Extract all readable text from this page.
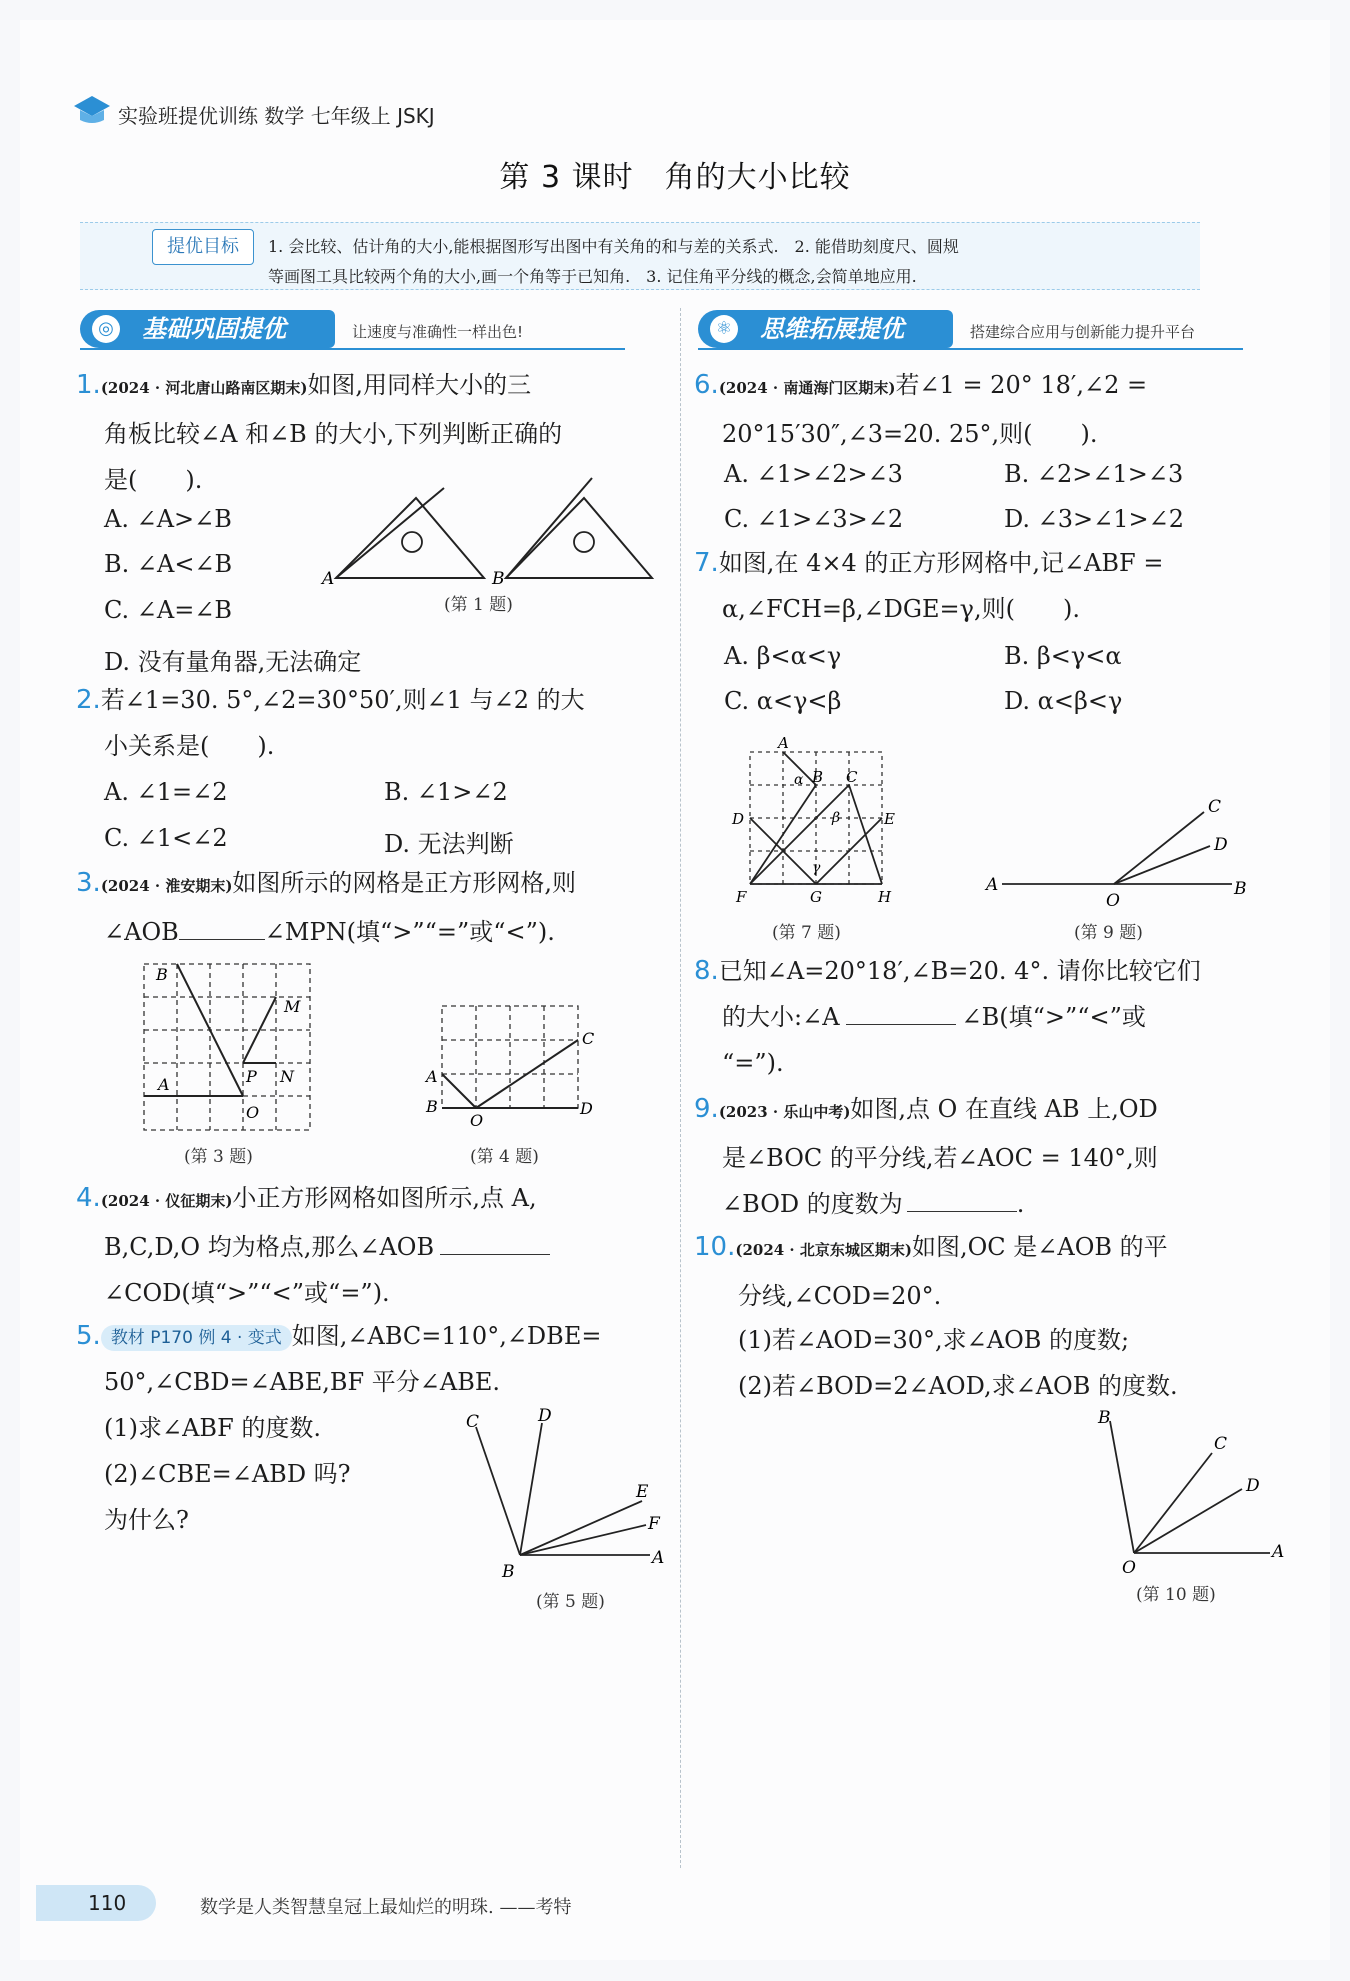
实验班提优训练 数学 七年级上 JSKJ
第 3 课时　角的大小比较
提优目标	1. 会比较、估计角的大小,能根据图形写出图中有关角的和与差的关系式.　2. 能借助刻度尺、圆规
等画图工具比较两个角的大小,画一个角等于已知角.　3. 记住角平分线的概念,会简单地应用.
◎ 基础巩固提优	让速度与准确性一样出色!	⚛ 思维拓展提优	搭建综合应用与创新能力提升平台
1.(2024 · 河北唐山路南区期末)如图,用同样大小的三
角板比较∠A 和∠B 的大小,下列判断正确的
是(　　).
A. ∠A>∠B
B. ∠A<∠B
C. ∠A=∠B
D. 没有量角器,无法确定
A	B
(第 1 题)
2.若∠1=30. 5°,∠2=30°50′,则∠1 与∠2 的大
小关系是(　　).
A. ∠1=∠2	B. ∠1>∠2
C. ∠1<∠2	D. 无法判断
3.(2024 · 淮安期末)如图所示的网格是正方形网格,则
∠AOB	∠MPN(填“>”“=”或“<”).
B
M
A	P N
O
(第 3 题)
A
B
C
D
O
(第 4 题)
4.(2024 · 仪征期末)小正方形网格如图所示,点 A,
B,C,D,O 均为格点,那么∠AOB
∠COD(填“>”“<”或“=”).
5. 教材 P170 例 4 · 变式 如图,∠ABC=110°,∠DBE=
50°,∠CBD=∠ABE,BF 平分∠ABE.
(1)求∠ABF 的度数.
(2)∠CBE=∠ABD 吗?
为什么?
C	D
E
F
A
B
(第 5 题)
6.(2024 · 南通海门区期末)若∠1 = 20° 18′,∠2 =
20°15′30″,∠3=20. 25°,则(　　).
A. ∠1>∠2>∠3	B. ∠2>∠1>∠3
C. ∠1>∠3>∠2	D. ∠3>∠1>∠2
7.如图,在 4×4 的正方形网格中,记∠ABF =
α,∠FCH=β,∠DGE=γ,则(　　).
A. β<α<γ	B. β<γ<α
C. α<γ<β	D. α<β<γ
A
B C
D	E
F	G	H
α
β
γ
(第 7 题)
A	B
C
D
O
(第 9 题)
8.已知∠A=20°18′,∠B=20. 4°. 请你比较它们
的大小:∠A	∠B(填“>”“<”或
“=”).
9.(2023 · 乐山中考)如图,点 O 在直线 AB 上,OD
是∠BOC 的平分线,若∠AOC = 140°,则
∠BOD 的度数为	.
10.(2024 · 北京东城区期末)如图,OC 是∠AOB 的平
分线,∠COD=20°.
(1)若∠AOD=30°,求∠AOB 的度数;
(2)若∠BOD=2∠AOD,求∠AOB 的度数.
B
C
D
A
O
(第 10 题)
110	数学是人类智慧皇冠上最灿烂的明珠. ——考特
